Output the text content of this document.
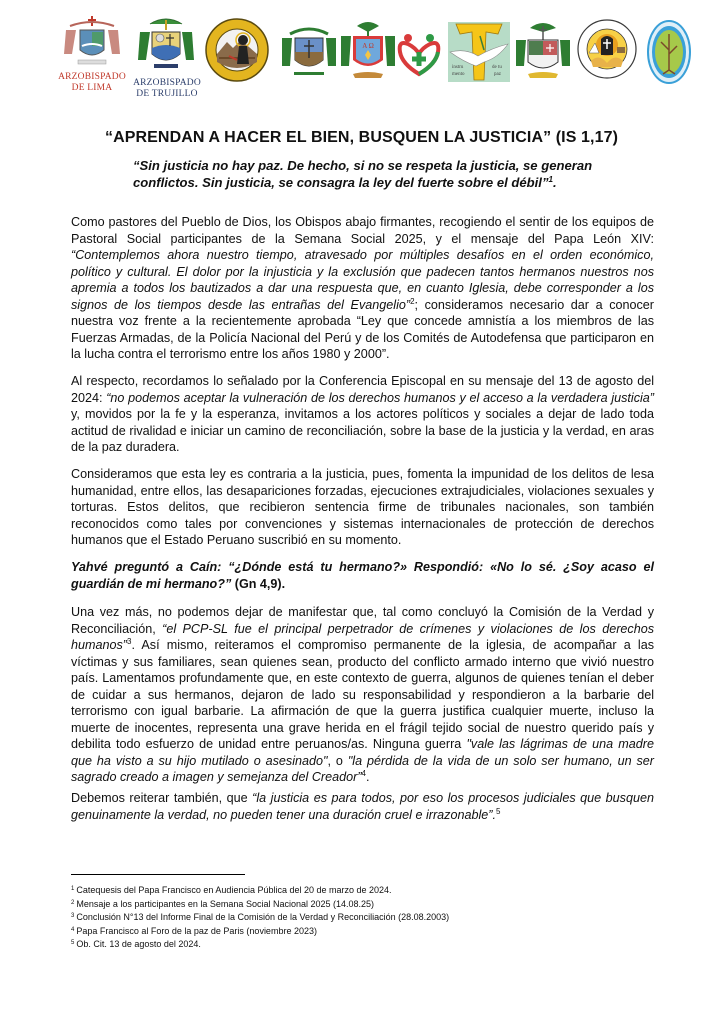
ARZOBISPADO
DE LIMA	ARZOBISPADO
DE TRUJILLO
A Ω
instru
mento
de tu
paz
“APRENDAN A HACER EL BIEN, BUSQUEN LA JUSTICIA” (IS 1,17)
“Sin justicia no hay paz. De hecho, si no se respeta la justicia, se generan conflictos. Sin justicia, se consagra la ley del fuerte sobre el débil”$^1$.

Como pastores del Pueblo de Dios, los Obispos abajo firmantes, recogiendo el sentir de los equipos de Pastoral Social participantes de la Semana Social 2025, y el mensaje del Papa León XIV: “Contemplemos ahora nuestro tiempo, atravesado por múltiples desafíos en el orden económico, político y cultural. El dolor por la injusticia y la exclusión que padecen tantos hermanos nuestros nos apremia a todos los bautizados a dar una respuesta que, en cuanto Iglesia, debe corresponder a los signos de los tiempos desde las entrañas del Evangelio”$^2$; consideramos necesario dar a conocer nuestra voz frente a la recientemente aprobada “Ley que concede amnistía a los miembros de las Fuerzas Armadas, de la Policía Nacional del Perú y de los Comités de Autodefensa que participaron en la lucha contra el terrorismo entre los años 1980 y 2000”.

Al respecto, recordamos lo señalado por la Conferencia Episcopal en su mensaje del 13 de agosto del 2024: “no podemos aceptar la vulneración de los derechos humanos y el acceso a la verdadera justicia” y, movidos por la fe y la esperanza, invitamos a los actores políticos y sociales a dejar de lado toda actitud de rivalidad e iniciar un camino de reconciliación, sobre la base de la justicia y la verdad, en aras de la paz duradera.

Consideramos que esta ley es contraria a la justicia, pues, fomenta la impunidad de los delitos de lesa humanidad, entre ellos, las desapariciones forzadas, ejecuciones extrajudiciales, violaciones sexuales y torturas. Estos delitos, que recibieron sentencia firme de tribunales nacionales, son también reconocidos como tales por convenciones y sistemas internacionales de protección de derechos humanos que el Estado Peruano suscribió en su momento.

Yahvé preguntó a Caín: “¿Dónde está tu hermano?» Respondió: «No lo sé. ¿Soy acaso el guardián de mi hermano?” (Gn 4,9).

Una vez más, no podemos dejar de manifestar que, tal como concluyó la Comisión de la Verdad y Reconciliación, “el PCP-SL fue el principal perpetrador de crímenes y violaciones de los derechos humanos”$^3$. Así mismo, reiteramos el compromiso permanente de la iglesia, de acompañar a las víctimas y sus familiares, sean quienes sean, producto del conflicto armado interno que vivió nuestro país. Lamentamos profundamente que, en este contexto de guerra, algunos de quienes tenían el deber de cuidar a sus hermanos, dejaron de lado su responsabilidad y respondieron a la barbarie del terrorismo con igual barbarie. La afirmación de que la guerra justifica cualquier muerte, incluso la muerte de inocentes, representa una grave herida en el frágil tejido social de nuestro querido país y debilita todo esfuerzo de unidad entre peruanos/as. Ninguna guerra "vale las lágrimas de una madre que ha visto a su hijo mutilado o asesinado", o "la pérdida de la vida de un solo ser humano, un ser sagrado creado a imagen y semejanza del Creador”$^4$.

Debemos reiterar también, que “la justicia es para todos, por eso los procesos judiciales que busquen genuinamente la verdad, no pueden tener una duración cruel e irrazonable”.$^5$

$^1$ Catequesis del Papa Francisco en Audiencia Pública del 20 de marzo de 2024.
$^2$ Mensaje a los participantes en la Semana Social Nacional 2025 (14.08.25)
$^3$ Conclusión N°13 del Informe Final de la Comisión de la Verdad y Reconciliación (28.08.2003)
$^4$ Papa Francisco al Foro de la paz de Paris (noviembre 2023)
$^5$ Ob. Cit. 13 de agosto del 2024.
